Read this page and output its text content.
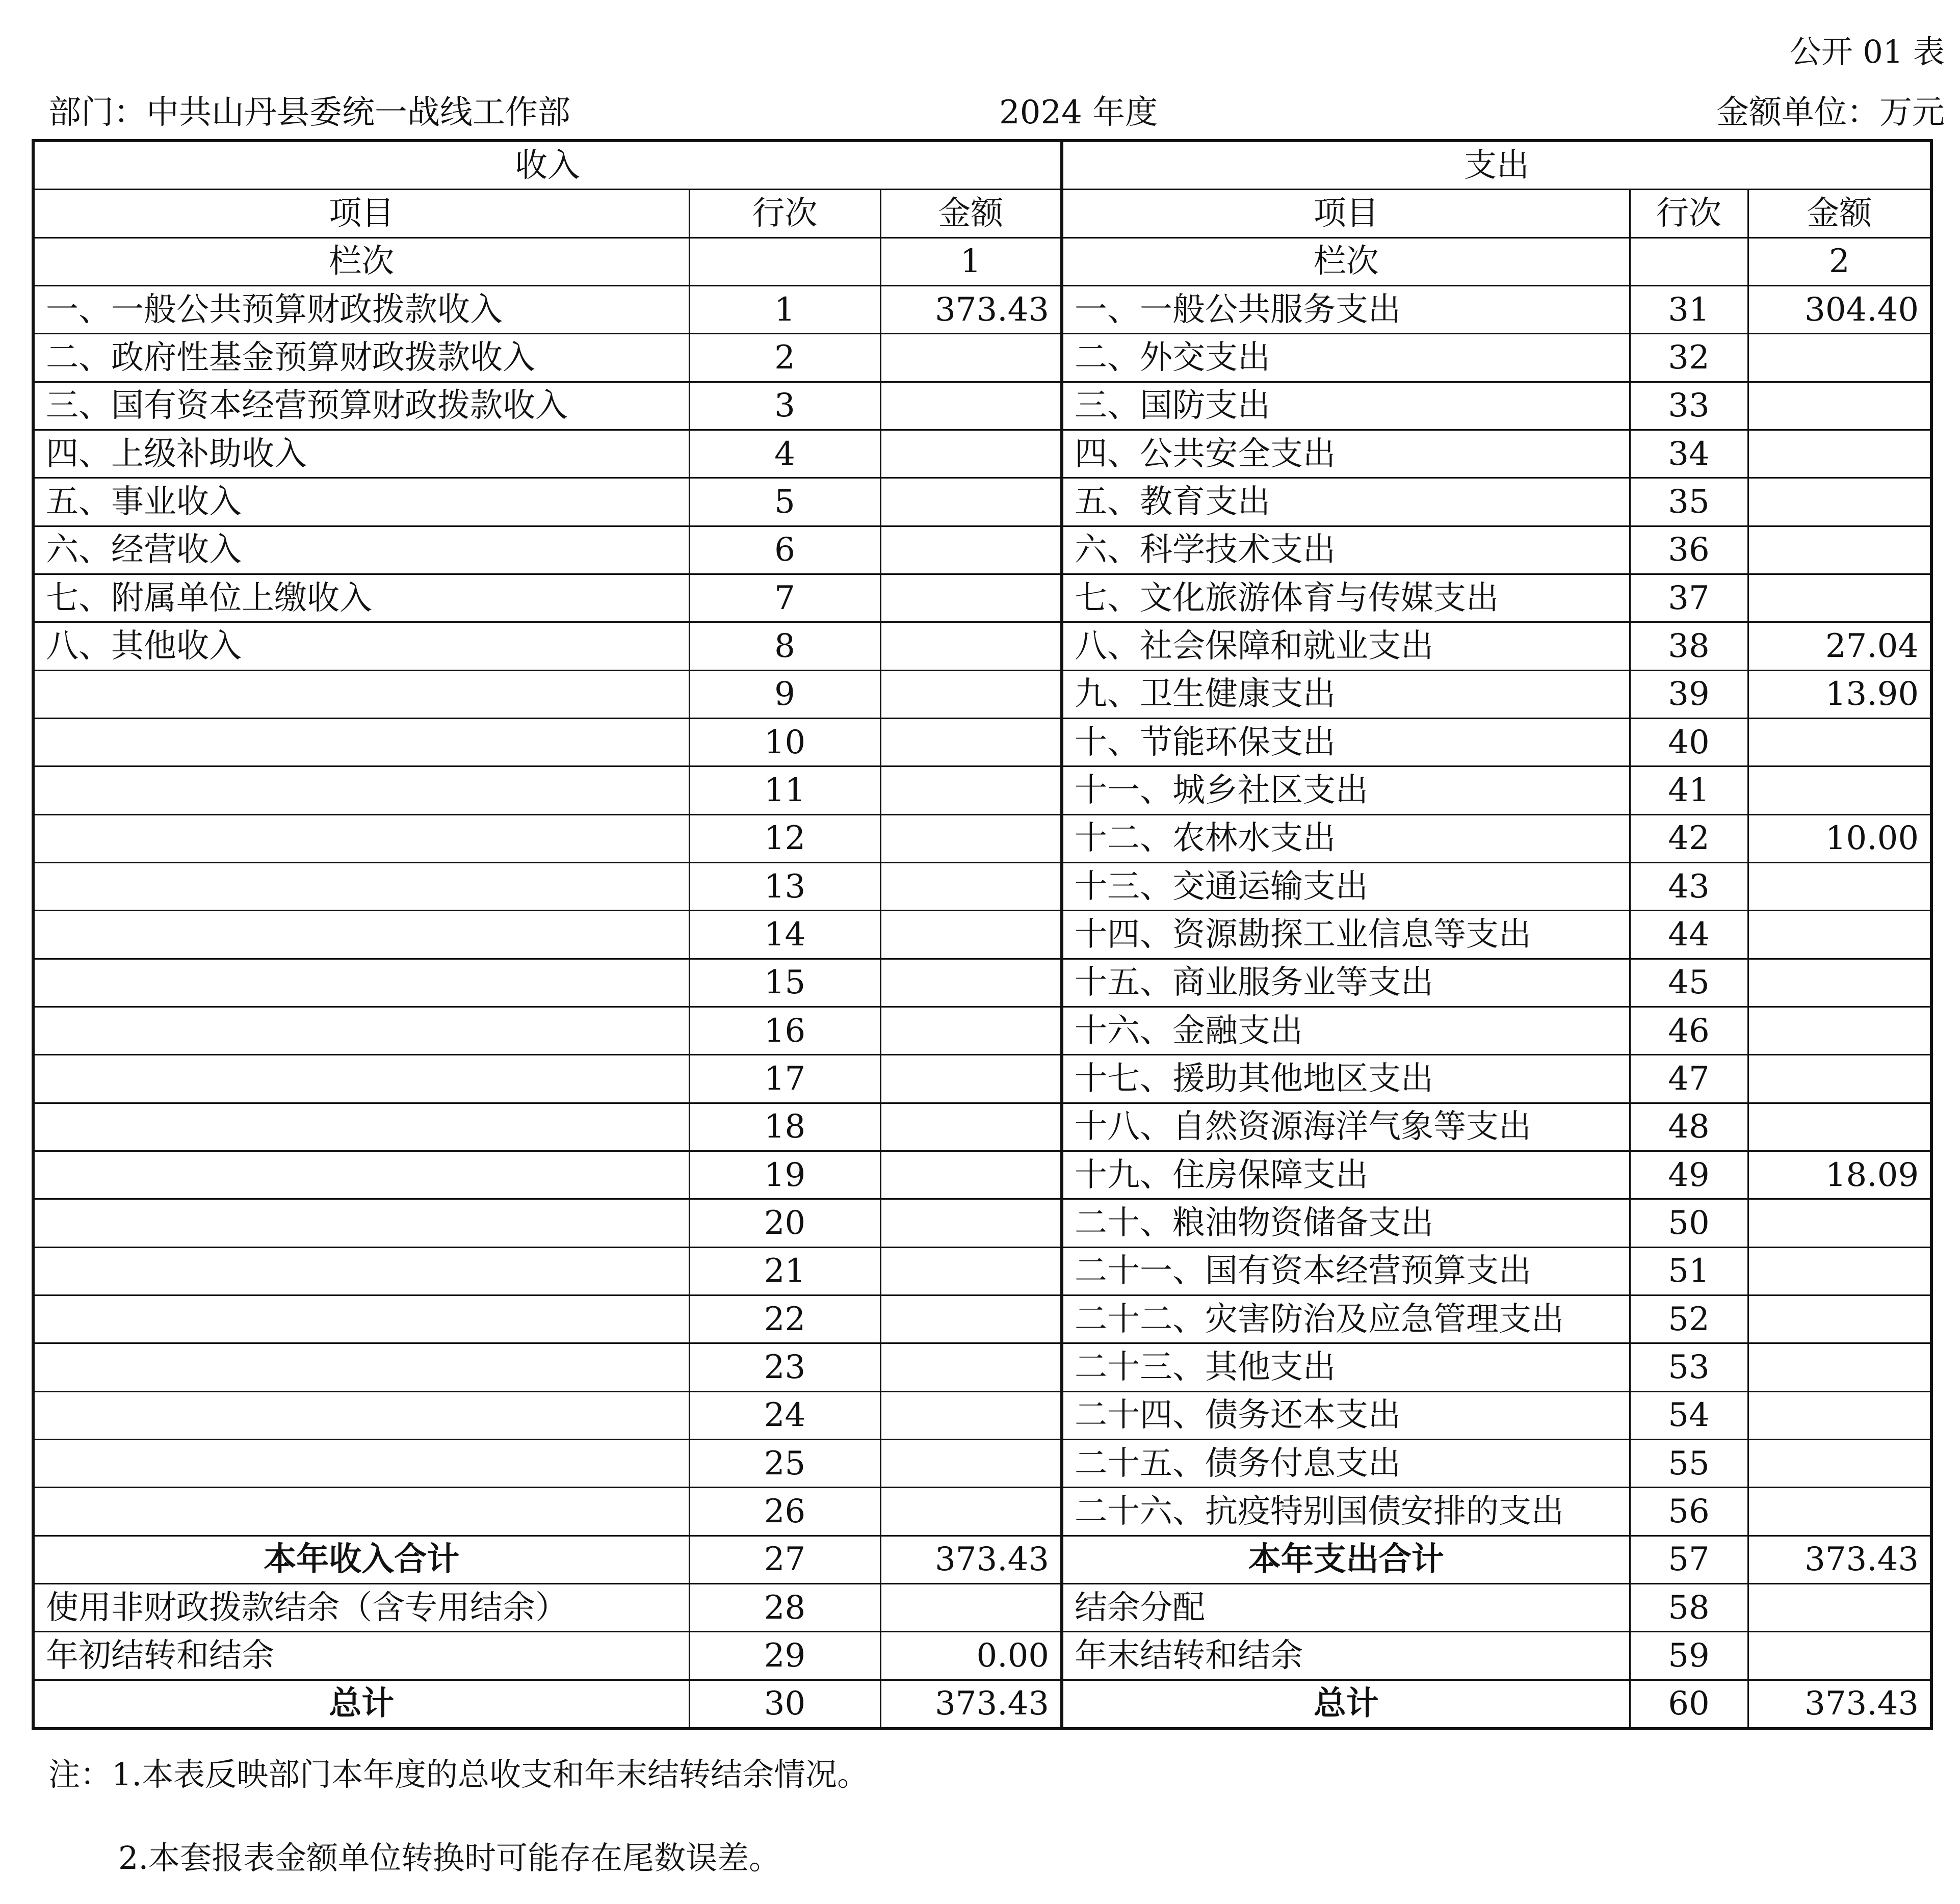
公开 01 表
部门：中共山丹县委统一战线工作部	2024 年度	金额单位：万元
收入			支出		
项目	行次	金额	项目	行次	金额
栏次		1	栏次		2
一、一般公共预算财政拨款收入	1	373.43	一、一般公共服务支出	31	304.40
二、政府性基金预算财政拨款收入	2		二、外交支出	32	
三、国有资本经营预算财政拨款收入	3		三、国防支出	33	
四、上级补助收入	4		四、公共安全支出	34	
五、事业收入	5		五、教育支出	35	
六、经营收入	6		六、科学技术支出	36	
七、附属单位上缴收入	7		七、文化旅游体育与传媒支出	37	
八、其他收入	8		八、社会保障和就业支出	38	27.04
	9		九、卫生健康支出	39	13.90
	10		十、节能环保支出	40	
	11		十一、城乡社区支出	41	
	12		十二、农林水支出	42	10.00
	13		十三、交通运输支出	43	
	14		十四、资源勘探工业信息等支出	44	
	15		十五、商业服务业等支出	45	
	16		十六、金融支出	46	
	17		十七、援助其他地区支出	47	
	18		十八、自然资源海洋气象等支出	48	
	19		十九、住房保障支出	49	18.09
	20		二十、粮油物资储备支出	50	
	21		二十一、国有资本经营预算支出	51	
	22		二十二、灾害防治及应急管理支出	52	
	23		二十三、其他支出	53	
	24		二十四、债务还本支出	54	
	25		二十五、债务付息支出	55	
	26		二十六、抗疫特别国债安排的支出	56	
本年收入合计	27	373.43	本年支出合计	57	373.43
使用非财政拨款结余（含专用结余）	28		结余分配	58	
年初结转和结余	29	0.00	年末结转和结余	59	
总计	30	373.43	总计	60	373.43
注：1.本表反映部门本年度的总收支和年末结转结余情况。
2.本套报表金额单位转换时可能存在尾数误差。
